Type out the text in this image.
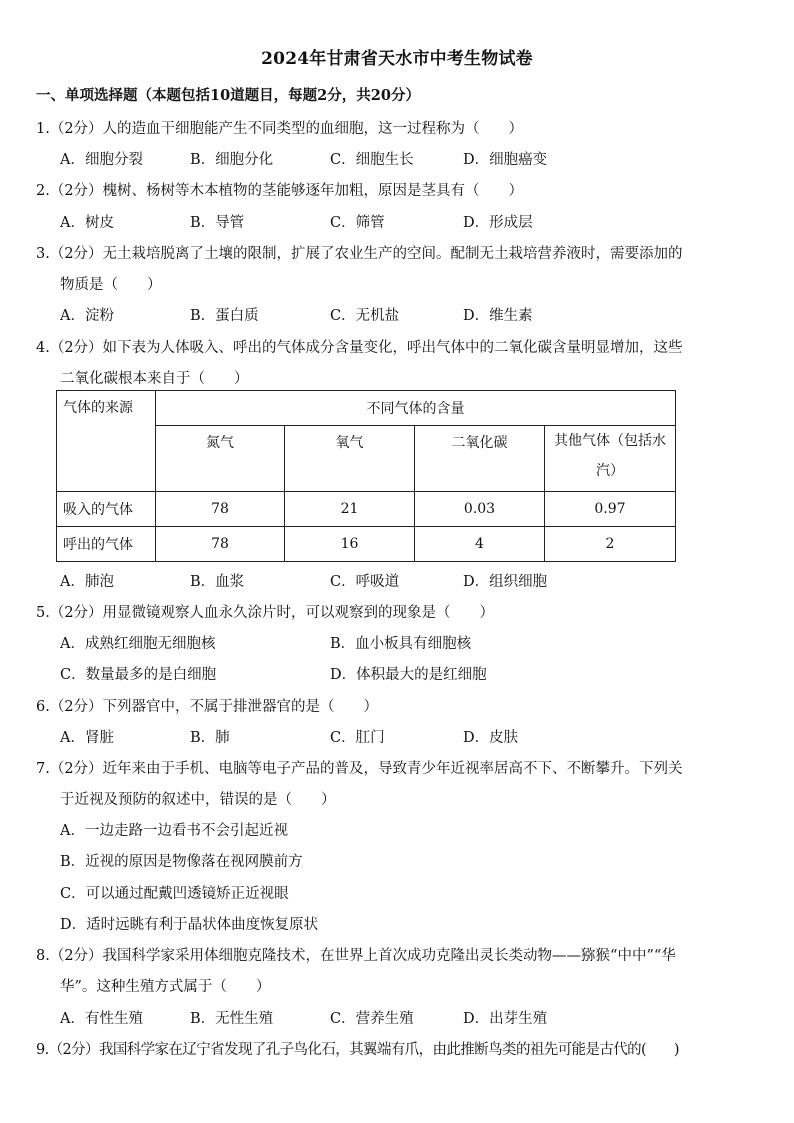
2024年甘肃省天水市中考生物试卷
一、单项选择题（本题包括10道题目，每题2分，共20分）
1.（2分）人的造血干细胞能产生不同类型的血细胞，这一过程称为（　　）
A．细胞分裂	B．细胞分化	C．细胞生长	D．细胞癌变
2.（2分）槐树、杨树等木本植物的茎能够逐年加粗，原因是茎具有（　　）
A．树皮	B．导管	C．筛管	D．形成层
3.（2分）无土栽培脱离了土壤的限制，扩展了农业生产的空间。配制无土栽培营养液时，需要添加的
物质是（　　）
A．淀粉	B．蛋白质	C．无机盐	D．维生素
4.（2分）如下表为人体吸入、呼出的气体成分含量变化，呼出气体中的二氧化碳含量明显增加，这些
二氧化碳根本来自于（　　）
气体的来源	不同气体的含量			
	氮气	氧气	二氧化碳	其他气体（包括水
汽）
吸入的气体	78	21	0.03	0.97
呼出的气体	78	16	4	2
A．肺泡	B．血浆	C．呼吸道	D．组织细胞
5.（2分）用显微镜观察人血永久涂片时，可以观察到的现象是（　　）
A．成熟红细胞无细胞核	B．血小板具有细胞核
C．数量最多的是白细胞	D．体积最大的是红细胞
6.（2分）下列器官中，不属于排泄器官的是（　　）
A．肾脏	B．肺	C．肛门	D．皮肤
7.（2分）近年来由于手机、电脑等电子产品的普及，导致青少年近视率居高不下、不断攀升。下列关
于近视及预防的叙述中，错误的是（　　）
A．一边走路一边看书不会引起近视
B．近视的原因是物像落在视网膜前方
C．可以通过配戴凹透镜矫正近视眼
D．适时远眺有利于晶状体曲度恢复原状
8.（2分）我国科学家采用体细胞克隆技术，在世界上首次成功克隆出灵长类动物——猕猴“中中”“华
华”。这种生殖方式属于（　　）
A．有性生殖	B．无性生殖	C．营养生殖	D．出芽生殖
9.（2分）我国科学家在辽宁省发现了孔子鸟化石，其翼端有爪，由此推断鸟类的祖先可能是古代的(　　)
